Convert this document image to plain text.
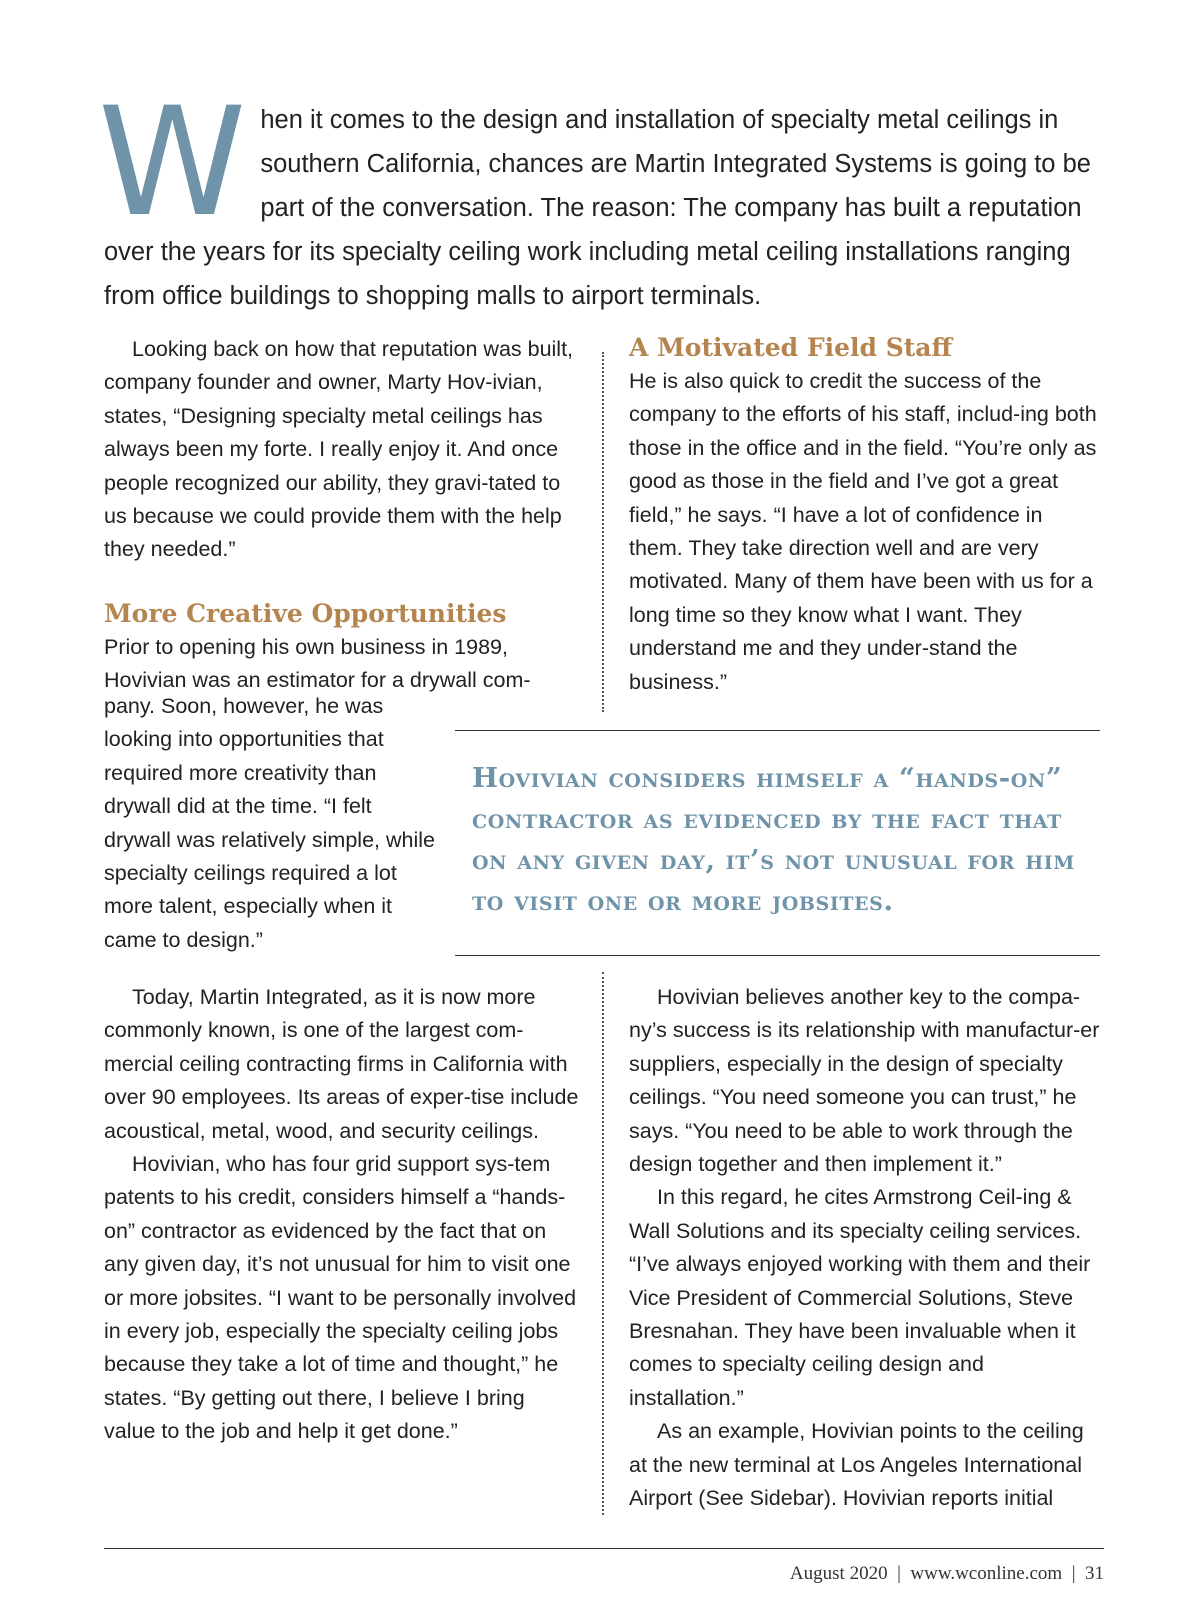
W hen it comes to the design and installation of specialty metal ceilings in southern California, chances are Martin Integrated Systems is going to be part of the conversation. The reason: The company has built a reputation over the years for its specialty ceiling work including metal ceiling installations ranging from office buildings to shopping malls to airport terminals.

Looking back on how that reputation was built, company founder and owner, Marty Hov-ivian, states, “Designing specialty metal ceilings has always been my forte. I really enjoy it. And once people recognized our ability, they gravi-tated to us because we could provide them with the help they needed.”

More Creative Opportunities

Prior to opening his own business in 1989, Hovivian was an estimator for a drywall com-

pany. Soon, however, he was looking into opportunities that required more creativity than drywall did at the time. “I felt drywall was relatively simple, while specialty ceilings required a lot more talent, especially when it came to design.”

A Motivated Field Staff

He is also quick to credit the success of the company to the efforts of his staff, includ-ing both those in the office and in the field. “You’re only as good as those in the field and I’ve got a great field,” he says. “I have a lot of confidence in them. They take direction well and are very motivated. Many of them have been with us for a long time so they know what I want. They understand me and they under-stand the business.”

Hovivian considers himself a “hands-on” contractor as evidenced by the fact that on any given day, it’s not unusual for him to visit one or more jobsites.

Today, Martin Integrated, as it is now more commonly known, is one of the largest com-mercial ceiling contracting firms in California with over 90 employees. Its areas of exper-tise include acoustical, metal, wood, and security ceilings.

Hovivian, who has four grid support sys-tem patents to his credit, considers himself a “hands-on” contractor as evidenced by the fact that on any given day, it’s not unusual for him to visit one or more jobsites. “I want to be personally involved in every job, especially the specialty ceiling jobs because they take a lot of time and thought,” he states. “By getting out there, I believe I bring value to the job and help it get done.”

Hovivian believes another key to the compa-ny’s success is its relationship with manufactur-er suppliers, especially in the design of specialty ceilings. “You need someone you can trust,” he says. “You need to be able to work through the design together and then implement it.”

In this regard, he cites Armstrong Ceil-ing & Wall Solutions and its specialty ceiling services. “I’ve always enjoyed working with them and their Vice President of Commercial Solutions, Steve Bresnahan. They have been invaluable when it comes to specialty ceiling design and installation.”

As an example, Hovivian points to the ceiling at the new terminal at Los Angeles International Airport (See Sidebar). Hovivian reports initial

August 2020  |  www.wconline.com  |  31
